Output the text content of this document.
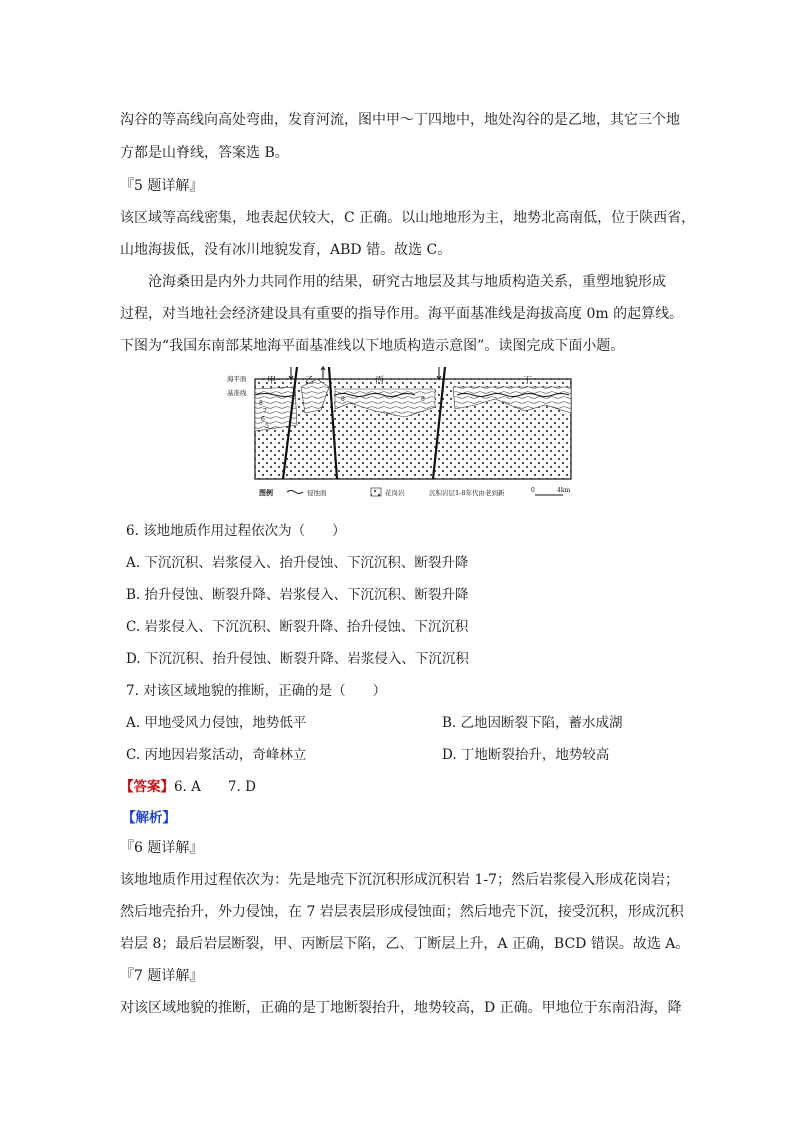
沟谷的等高线向高处弯曲，发育河流，图中甲～丁四地中，地处沟谷的是乙地，其它三个地
方都是山脊线，答案选 B。
『5 题详解』
该区域等高线密集，地表起伏较大，C 正确。以山地地形为主，地势北高南低，位于陕西省，
山地海拔低，没有冰川地貌发育，ABD 错。故选 C。
沧海桑田是内外力共同作用的结果，研究古地层及其与地质构造关系，重塑地貌形成
过程，对当地社会经济建设具有重要的指导作用。海平面基准线是海拔高度 0m 的起算线。
下图为“我国东南部某地海平面基准线以下地质构造示意图”。读图完成下面小题。
海平面
基准线
甲	乙	丙	丁
8
7
6
5
8	8
图例	侵蚀面	花岗岩	沉积岩层1-8年代由老到新	0	4km
6. 该地地质作用过程依次为（　　）
A. 下沉沉积、岩浆侵入、抬升侵蚀、下沉沉积、断裂升降
B. 抬升侵蚀、断裂升降、岩浆侵入、下沉沉积、断裂升降
C. 岩浆侵入、下沉沉积、断裂升降、抬升侵蚀、下沉沉积
D. 下沉沉积、抬升侵蚀、断裂升降、岩浆侵入、下沉沉积
7. 对该区域地貌的推断，正确的是（　　）
A. 甲地受风力侵蚀，地势低平	B. 乙地因断裂下陷，蓄水成湖
C. 丙地因岩浆活动，奇峰林立	D. 丁地断裂抬升，地势较高
【答案】6. A　　7. D
【解析】
『6 题详解』
该地地质作用过程依次为：先是地壳下沉沉积形成沉积岩 1-7；然后岩浆侵入形成花岗岩；
然后地壳抬升，外力侵蚀，在 7 岩层表层形成侵蚀面；然后地壳下沉，接受沉积，形成沉积
岩层 8；最后岩层断裂，甲、丙断层下陷，乙、丁断层上升，A 正确，BCD 错误。故选 A。
『7 题详解』
对该区域地貌的推断，正确的是丁地断裂抬升，地势较高，D 正确。甲地位于东南沿海，降
